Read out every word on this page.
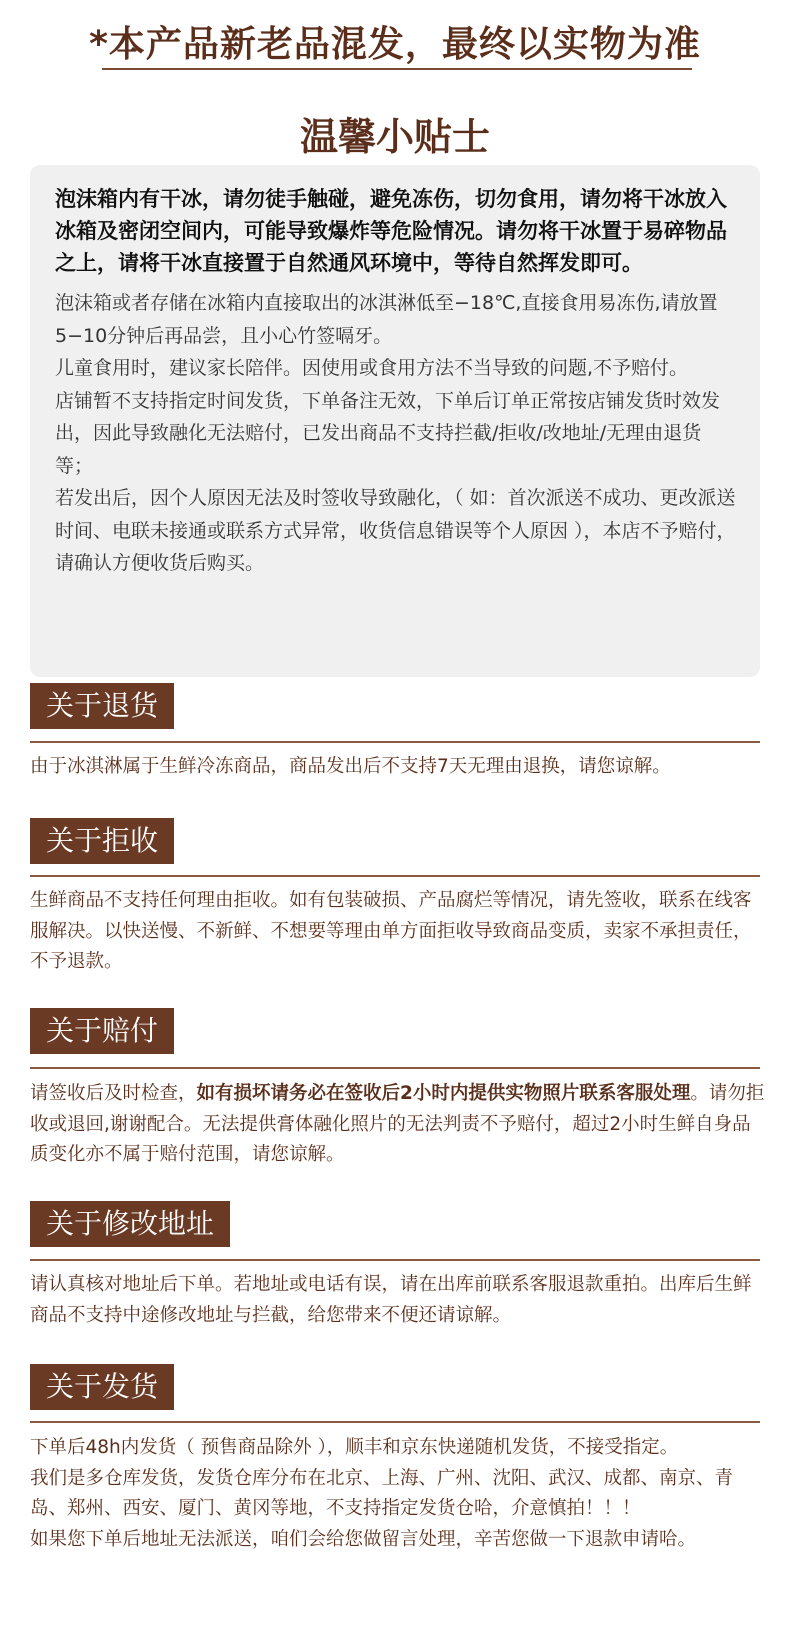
*本产品新老品混发，最终以实物为准
温馨小贴士

泡沫箱内有干冰，请勿徒手触碰，避免冻伤，切勿食用，请勿将干冰放入冰箱及密闭空间内，可能导致爆炸等危险情况。请勿将干冰置于易碎物品之上，请将干冰直接置于自然通风环境中，等待自然挥发即可。

泡沫箱或者存储在冰箱内直接取出的冰淇淋低至−18℃,直接食用易冻伤,请放置5−10分钟后再品尝，且小心竹签嗝牙。

儿童食用时，建议家长陪伴。因使用或食用方法不当导致的问题,不予赔付。

店铺暂不支持指定时间发货，下单备注无效，下单后订单正常按店铺发货时效发出，因此导致融化无法赔付，已发出商品不支持拦截/拒收/改地址/无理由退货等；

若发出后，因个人原因无法及时签收导致融化，（ 如：首次派送不成功、更改派送时间、电联未接通或联系方式异常，收货信息错误等个人原因 ），本店不予赔付，请确认方便收货后购买。

关于退货

由于冰淇淋属于生鲜冷冻商品，商品发出后不支持7天无理由退换，请您谅解。

关于拒收

生鲜商品不支持任何理由拒收。如有包装破损、产品腐烂等情况，请先签收，联系在线客服解决。以快送慢、不新鲜、不想要等理由单方面拒收导致商品变质，卖家不承担责任，不予退款。

关于赔付

请签收后及时检查，如有损坏请务必在签收后2小时内提供实物照片联系客服处理。请勿拒收或退回,谢谢配合。无法提供膏体融化照片的无法判责不予赔付，超过2小时生鲜自身品质变化亦不属于赔付范围，请您谅解。

关于修改地址

请认真核对地址后下单。若地址或电话有误，请在出库前联系客服退款重拍。出库后生鲜商品不支持中途修改地址与拦截，给您带来不便还请谅解。

关于发货

下单后48h内发货（ 预售商品除外 ），顺丰和京东快递随机发货，不接受指定。

我们是多仓库发货，发货仓库分布在北京、上海、广州、沈阳、武汉、成都、南京、青岛、郑州、西安、厦门、黄冈等地，不支持指定发货仓哈，介意慎拍！！！

如果您下单后地址无法派送，咱们会给您做留言处理，辛苦您做一下退款申请哈。
